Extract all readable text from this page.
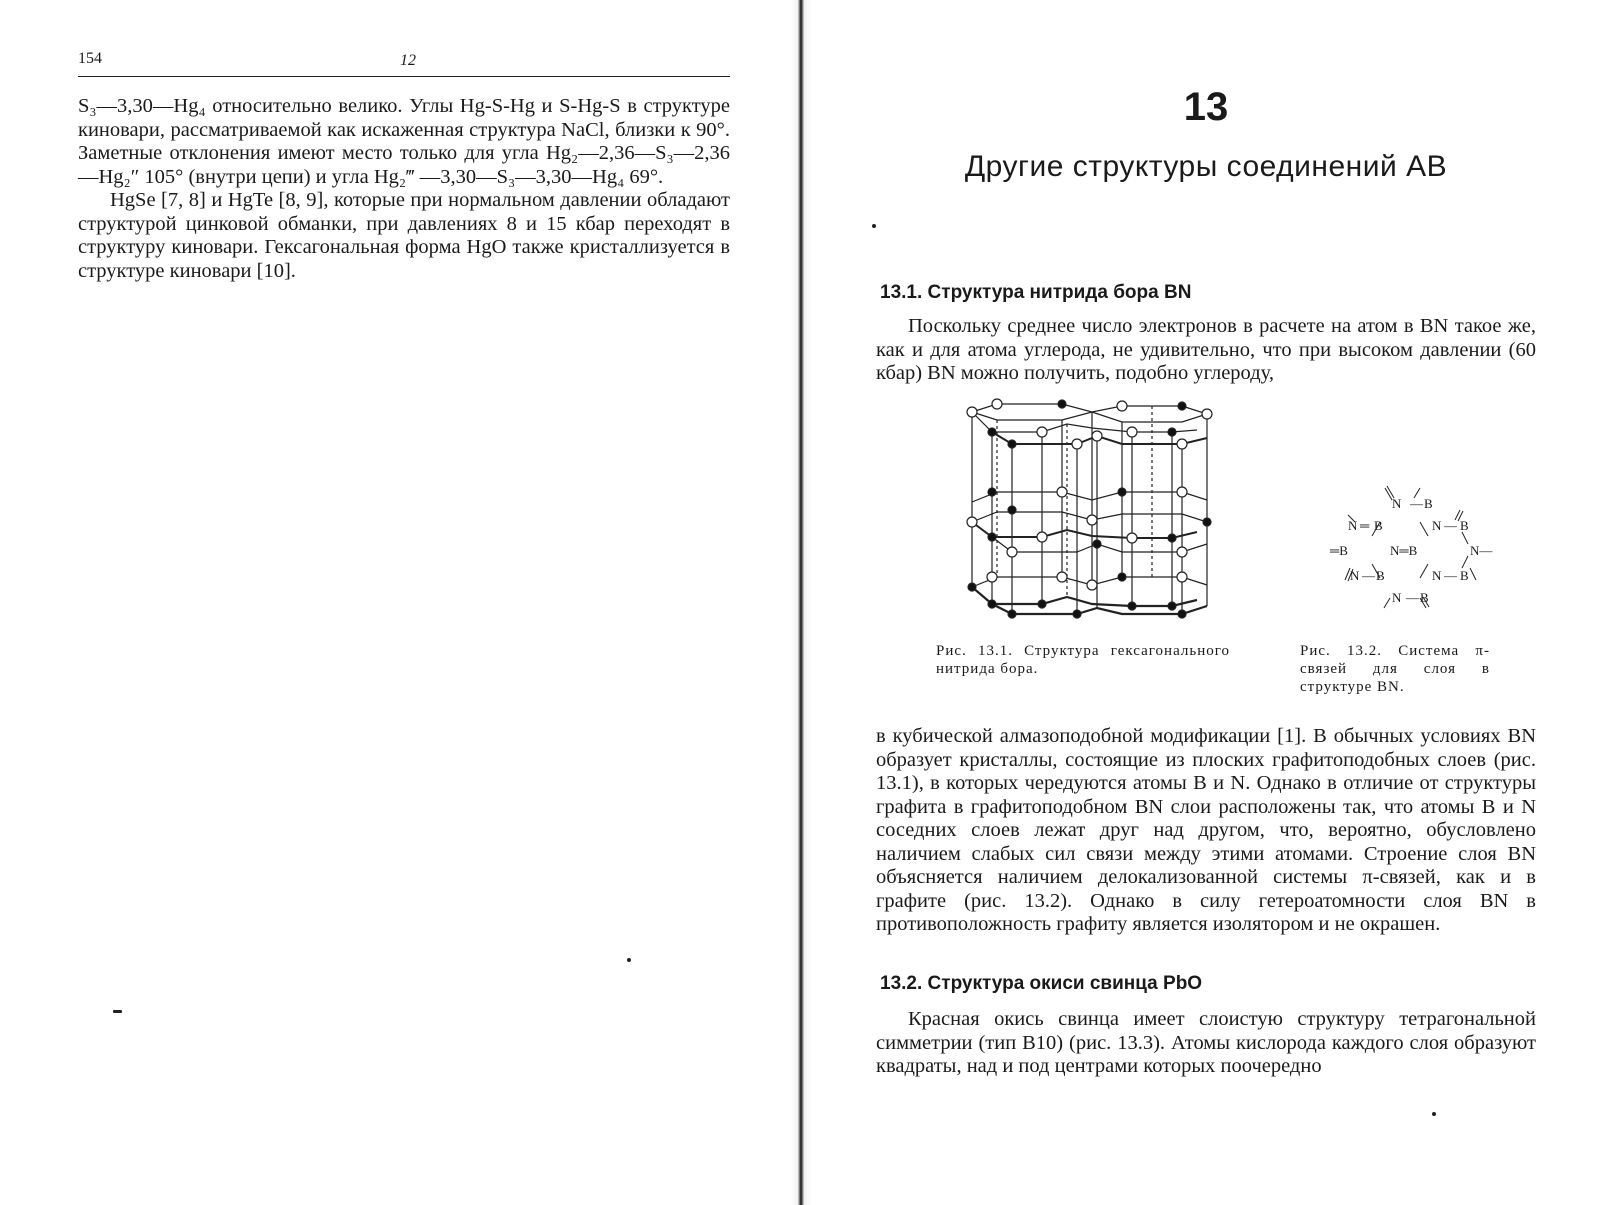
154	12

S₃—3,30—Hg₄ относительно велико. Углы Hg-S-Hg и S-Hg-S в структуре киновари, рассматриваемой как искаженная структура NaCl, близки к 90°. Заметные отклонения имеют место только для угла Hg₂—2,36—S₃—2,36—Hg₂″ 105° (внутри цепи) и угла Hg₂‴ —3,30—S₃—3,30—Hg₄ 69°.

HgSe [7, 8] и HgTe [8, 9], которые при нормальном давлении обладают структурой цинковой обманки, при давлениях 8 и 15 кбар переходят в структуру киновари. Гексагональная форма HgO также кристаллизуется в структуре киновари [10].

13
Другие структуры соединений AB
13.1. Структура нитрида бора BN

Поскольку среднее число электронов в расчете на атом в BN такое же, как и для атома углерода, не удивительно, что при высоком давлении (60 кбар) BN можно получить, подобно углероду,

N — B
N ═ B	N — B
═B	N═B	N—
N — B	N — B
N — B
Рис. 13.1. Структура гексагонального нитрида бора.
Рис. 13.2. Система π-связей для слоя в структуре BN.

в кубической алмазоподобной модификации [1]. В обычных условиях BN образует кристаллы, состоящие из плоских графитоподобных слоев (рис. 13.1), в которых чередуются атомы B и N. Однако в отличие от структуры графита в графитоподобном BN слои расположены так, что атомы B и N соседних слоев лежат друг над другом, что, вероятно, обусловлено наличием слабых сил связи между этими атомами. Строение слоя BN объясняется наличием делокализованной системы π-связей, как и в графите (рис. 13.2). Однако в силу гетероатомности слоя BN в противоположность графиту является изолятором и не окрашен.

13.2. Структура окиси свинца PbO

Красная окись свинца имеет слоистую структуру тетрагональной симметрии (тип B10) (рис. 13.3). Атомы кислорода каждого слоя образуют квадраты, над и под центрами которых поочередно
